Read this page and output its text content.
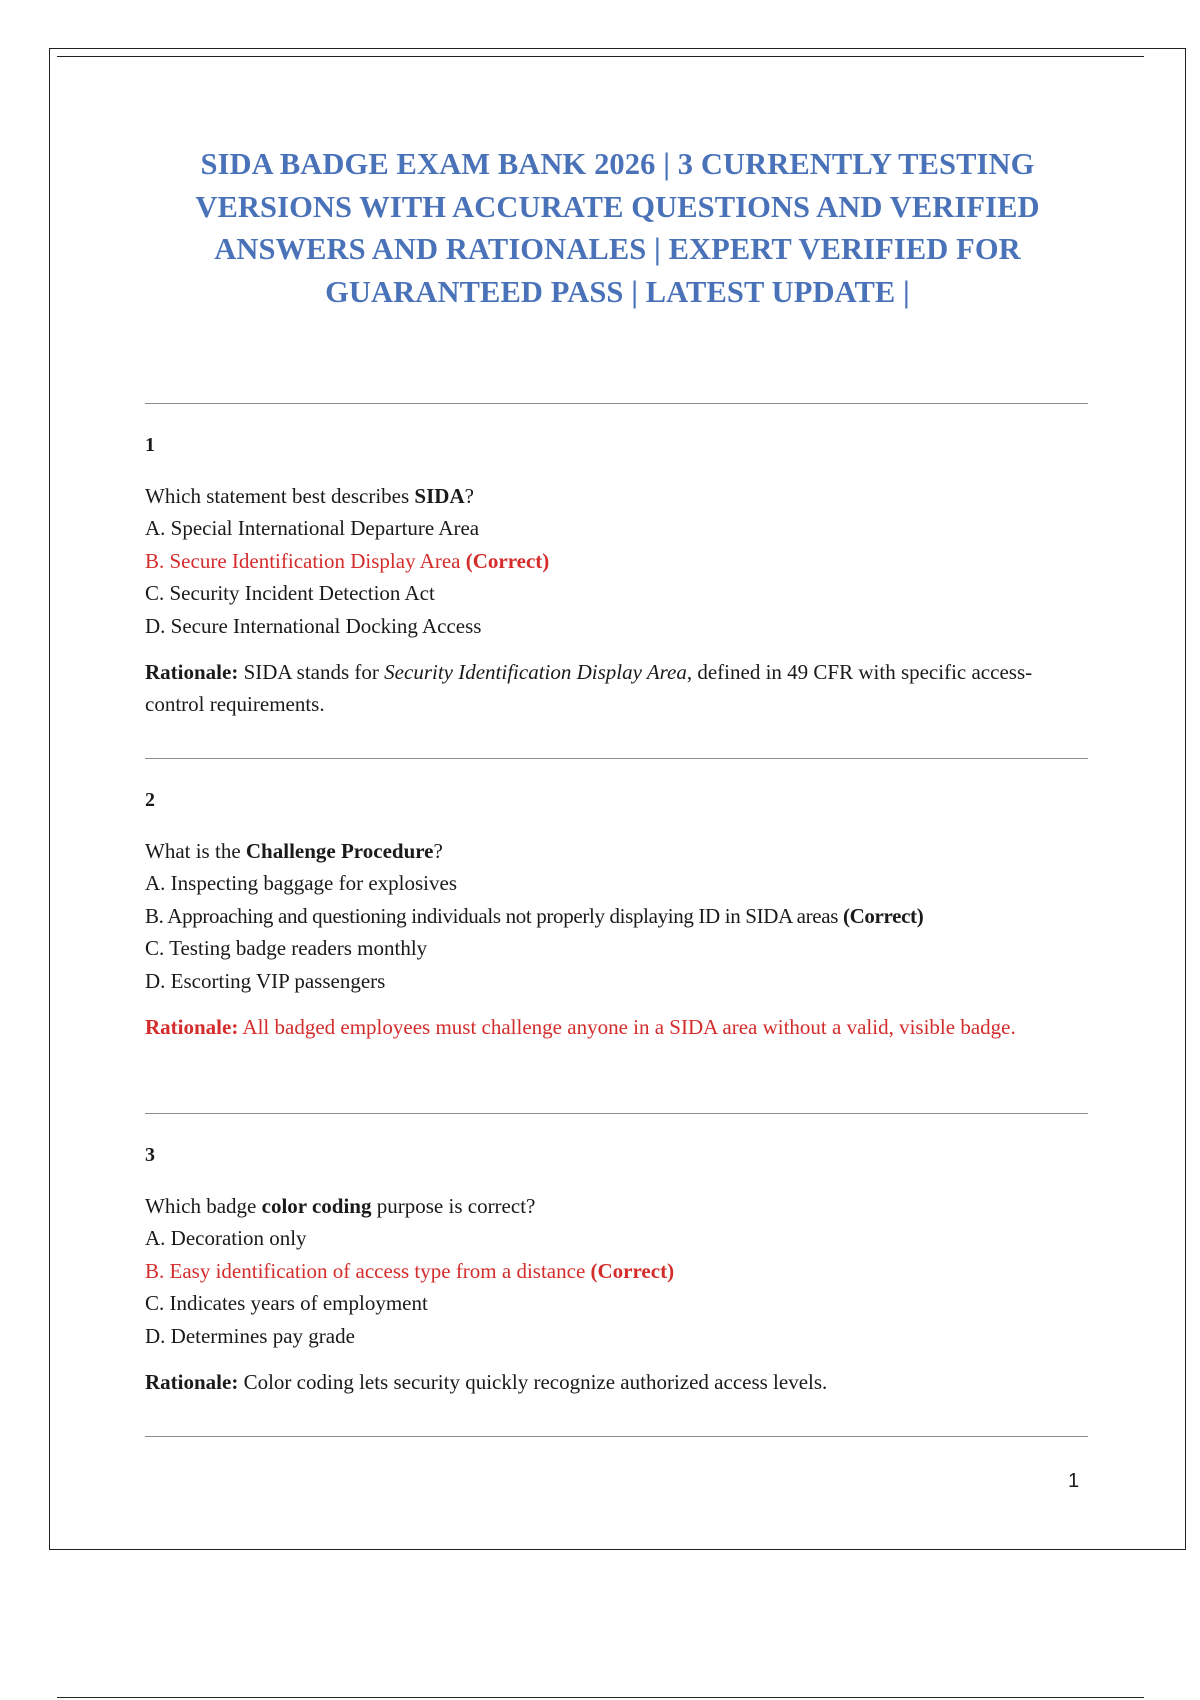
SIDA BADGE EXAM BANK 2026 | 3 CURRENTLY TESTING VERSIONS WITH ACCURATE QUESTIONS AND VERIFIED ANSWERS AND RATIONALES | EXPERT VERIFIED FOR GUARANTEED PASS | LATEST UPDATE |
1
Which statement best describes SIDA?
A. Special International Departure Area
B. Secure Identification Display Area (Correct)
C. Security Incident Detection Act
D. Secure International Docking Access
Rationale: SIDA stands for Security Identification Display Area, defined in 49 CFR with specific access-control requirements.
2
What is the Challenge Procedure?
A. Inspecting baggage for explosives
B. Approaching and questioning individuals not properly displaying ID in SIDA areas (Correct)
C. Testing badge readers monthly
D. Escorting VIP passengers
Rationale: All badged employees must challenge anyone in a SIDA area without a valid, visible badge.
3
Which badge color coding purpose is correct?
A. Decoration only
B. Easy identification of access type from a distance (Correct)
C. Indicates years of employment
D. Determines pay grade
Rationale: Color coding lets security quickly recognize authorized access levels.
1
